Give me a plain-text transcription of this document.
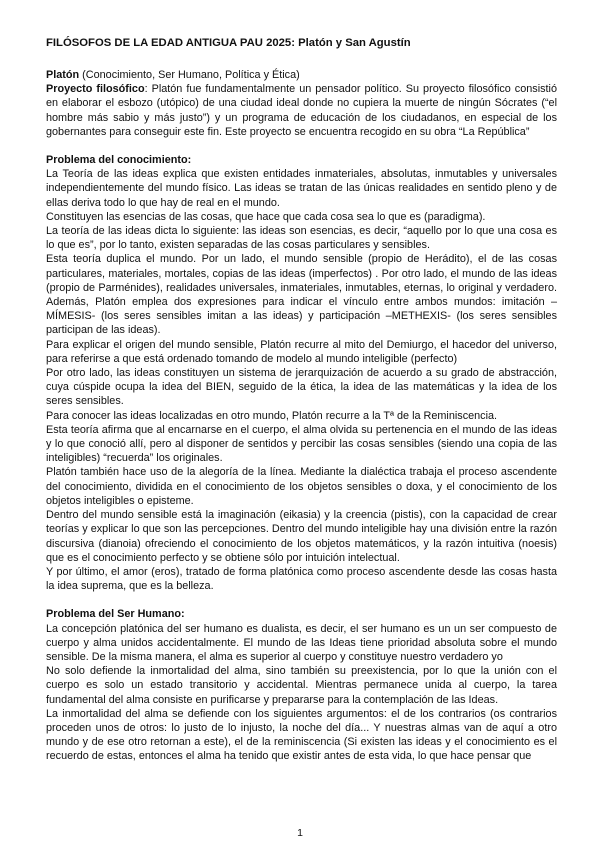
FILÓSOFOS DE LA EDAD ANTIGUA PAU 2025: Platón y San Agustín

Platón (Conocimiento, Ser Humano, Política y Ética)

Proyecto filosófico: Platón fue fundamentalmente un pensador político. Su proyecto filosófico consistió en elaborar el esbozo (utópico) de una ciudad ideal donde no cupiera la muerte de ningún Sócrates (“el hombre más sabio y más justo”) y un programa de educación de los ciudadanos, en especial de los gobernantes para conseguir este fin. Este proyecto se encuentra recogido en su obra “La República”

Problema del conocimiento:

La Teoría de las ideas explica que existen entidades inmateriales, absolutas, inmutables y universales independientemente del mundo físico. Las ideas se tratan de las únicas realidades en sentido pleno y de ellas deriva todo lo que hay de real en el mundo.

Constituyen las esencias de las cosas, que hace que cada cosa sea lo que es (paradigma).

La teoría de las ideas dicta lo siguiente: las ideas son esencias, es decir, “aquello por lo que una cosa es lo que es”, por lo tanto, existen separadas de las cosas particulares y sensibles.

Esta teoría duplica el mundo. Por un lado, el mundo sensible (propio de Herádito), el de las cosas particulares, materiales, mortales, copias de las ideas (imperfectos) . Por otro lado, el mundo de las ideas (propio de Parménides), realidades universales, inmateriales, inmutables, eternas, lo original y verdadero. Además, Platón emplea dos expresiones para indicar el vínculo entre ambos mundos: imitación –MÍMESIS- (los seres sensibles imitan a las ideas) y participación –METHEXIS- (los seres sensibles participan de las ideas).

Para explicar el origen del mundo sensible, Platón recurre al mito del Demiurgo, el hacedor del universo, para referirse a que está ordenado tomando de modelo al mundo inteligible (perfecto)

Por otro lado, las ideas constituyen un sistema de jerarquización de acuerdo a su grado de abstracción, cuya cúspide ocupa la idea del BIEN, seguido de la ética, la idea de las matemáticas y la idea de los seres sensibles.

Para conocer las ideas localizadas en otro mundo, Platón recurre a la Tª de la Reminiscencia.

Esta teoría afirma que al encarnarse en el cuerpo, el alma olvida su pertenencia en el mundo de las ideas y lo que conoció allí, pero al disponer de sentidos y percibir las cosas sensibles (siendo una copia de las inteligibles) “recuerda” los originales.

Platón también hace uso de la alegoría de la línea. Mediante la dialéctica trabaja el proceso ascendente del conocimiento, dividida en el conocimiento de los objetos sensibles o doxa, y el conocimiento de los objetos inteligibles o episteme.

Dentro del mundo sensible está la imaginación (eikasia) y la creencia (pistis), con la capacidad de crear teorías y explicar lo que son las percepciones. Dentro del mundo inteligible hay una división entre la razón discursiva (dianoia) ofreciendo el conocimiento de los objetos matemáticos, y la razón intuitiva (noesis) que es el conocimiento perfecto y se obtiene sólo por intuición intelectual.

Y por último, el amor (eros), tratado de forma platónica como proceso ascendente desde las cosas hasta la idea suprema, que es la belleza.

Problema del Ser Humano:

La concepción platónica del ser humano es dualista, es decir, el ser humano es un un ser compuesto de cuerpo y alma unidos accidentalmente. El mundo de las Ideas tiene prioridad absoluta sobre el mundo sensible. De la misma manera, el alma es superior al cuerpo y constituye nuestro verdadero yo

No solo defiende la inmortalidad del alma, sino también su preexistencia, por lo que la unión con el cuerpo es solo un estado transitorio y accidental. Mientras permanece unida al cuerpo, la tarea fundamental del alma consiste en purificarse y prepararse para la contemplación de las Ideas.

La inmortalidad del alma se defiende con los siguientes argumentos: el de los contrarios (os contrarios proceden unos de otros: lo justo de lo injusto, la noche del día... Y nuestras almas van de aquí a otro mundo y de ese otro retornan a este), el de la reminiscencia (Si existen las ideas y el conocimiento es el recuerdo de estas, entonces el alma ha tenido que existir antes de esta vida, lo que hace pensar que

1
